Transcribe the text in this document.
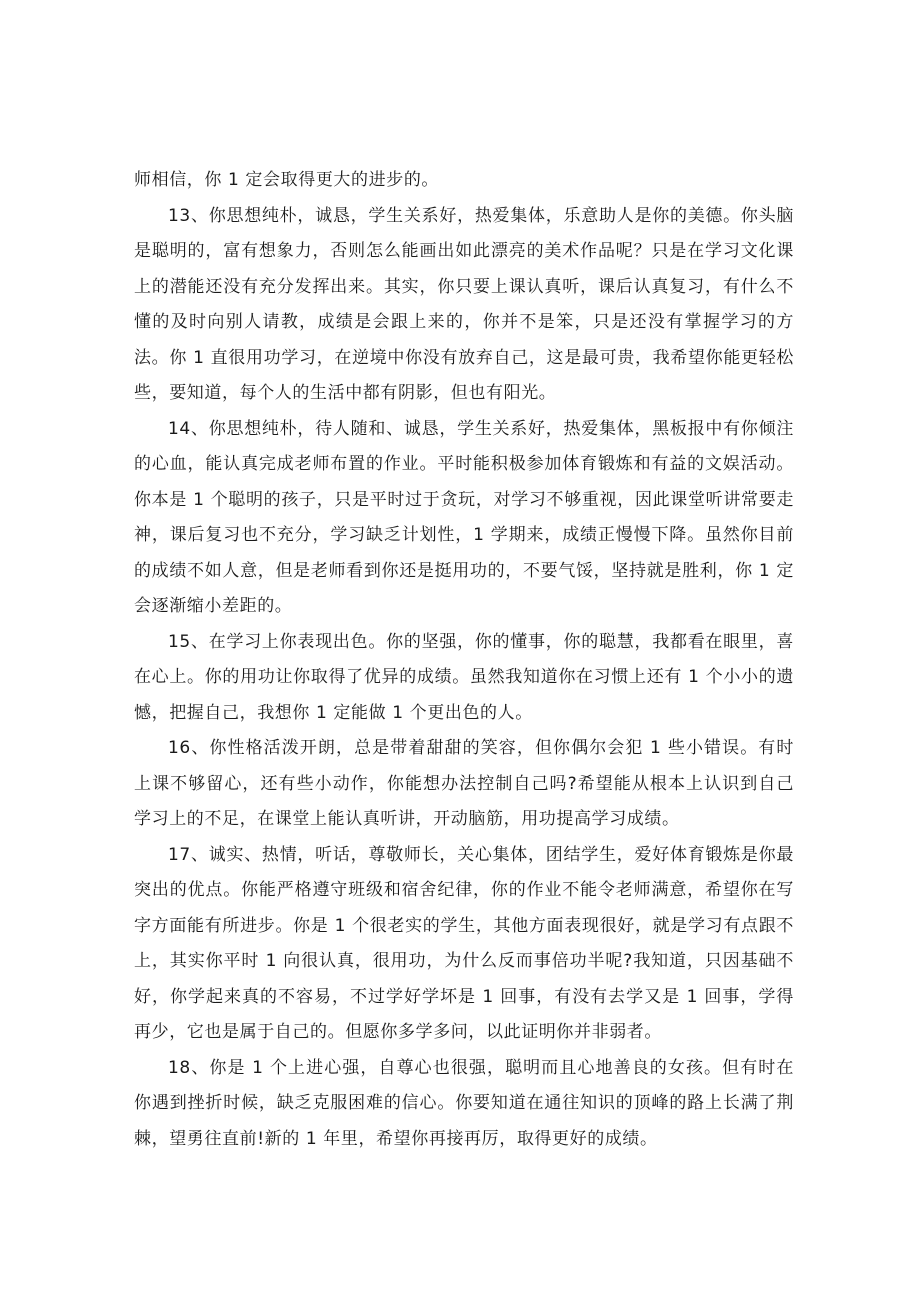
师相信，你 1 定会取得更大的进步的。

13、你思想纯朴，诚恳，学生关系好，热爱集体，乐意助人是你的美德。你头脑是聪明的，富有想象力，否则怎么能画出如此漂亮的美术作品呢？只是在学习文化课上的潜能还没有充分发挥出来。其实，你只要上课认真听，课后认真复习，有什么不懂的及时向别人请教，成绩是会跟上来的，你并不是笨，只是还没有掌握学习的方法。你 1 直很用功学习，在逆境中你没有放弃自己，这是最可贵，我希望你能更轻松些，要知道，每个人的生活中都有阴影，但也有阳光。

14、你思想纯朴，待人随和、诚恳，学生关系好，热爱集体，黑板报中有你倾注的心血，能认真完成老师布置的作业。平时能积极参加体育锻炼和有益的文娱活动。你本是 1 个聪明的孩子，只是平时过于贪玩，对学习不够重视，因此课堂听讲常要走神，课后复习也不充分，学习缺乏计划性，1 学期来，成绩正慢慢下降。虽然你目前的成绩不如人意，但是老师看到你还是挺用功的，不要气馁，坚持就是胜利，你 1 定会逐渐缩小差距的。

15、在学习上你表现出色。你的坚强，你的懂事，你的聪慧，我都看在眼里，喜在心上。你的用功让你取得了优异的成绩。虽然我知道你在习惯上还有 1 个小小的遗憾，把握自己，我想你 1 定能做 1 个更出色的人。

16、你性格活泼开朗，总是带着甜甜的笑容，但你偶尔会犯 1 些小错误。有时上课不够留心，还有些小动作，你能想办法控制自己吗?希望能从根本上认识到自己学习上的不足，在课堂上能认真听讲，开动脑筋，用功提高学习成绩。

17、诚实、热情，听话，尊敬师长，关心集体，团结学生，爱好体育锻炼是你最突出的优点。你能严格遵守班级和宿舍纪律，你的作业不能令老师满意，希望你在写字方面能有所进步。你是 1 个很老实的学生，其他方面表现很好，就是学习有点跟不上，其实你平时 1 向很认真，很用功，为什么反而事倍功半呢?我知道，只因基础不好，你学起来真的不容易，不过学好学坏是 1 回事，有没有去学又是 1 回事，学得再少，它也是属于自己的。但愿你多学多问，以此证明你并非弱者。

18、你是 1 个上进心强，自尊心也很强，聪明而且心地善良的女孩。但有时在你遇到挫折时候，缺乏克服困难的信心。你要知道在通往知识的顶峰的路上长满了荆棘，望勇往直前!新的 1 年里，希望你再接再厉，取得更好的成绩。
